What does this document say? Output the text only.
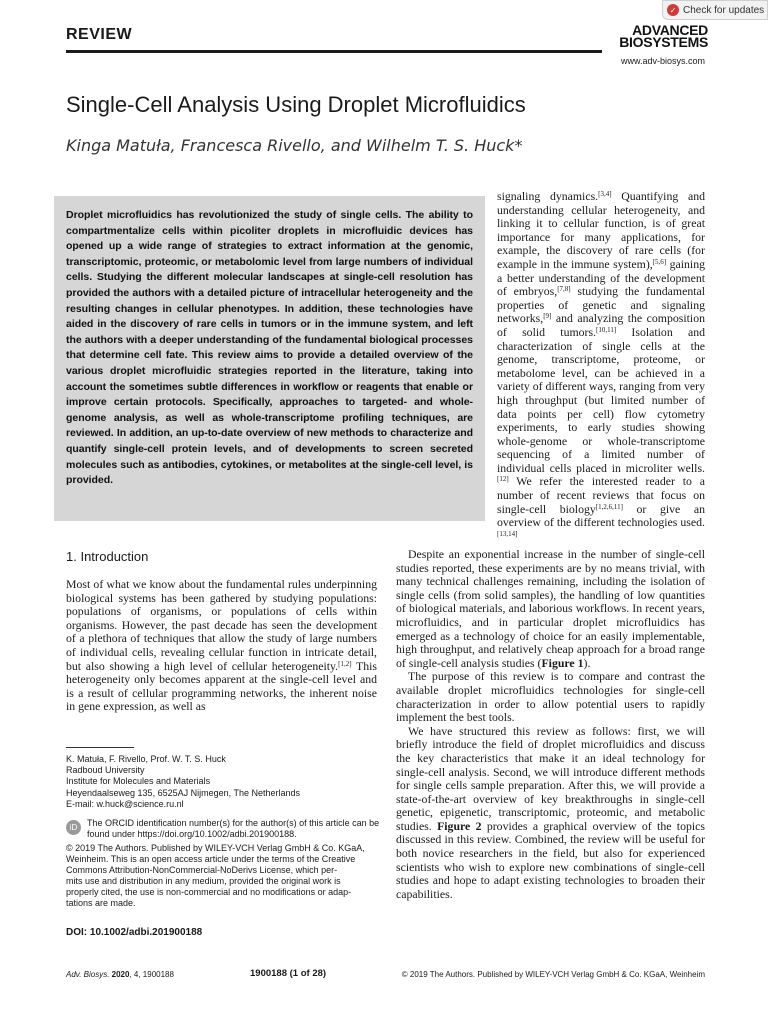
REVIEW
✓ Check for updates
ADVANCED
BIOSYSTEMS
www.adv-biosys.com
Single-Cell Analysis Using Droplet Microfluidics
Kinga Matuła, Francesca Rivello, and Wilhelm T. S. Huck*

Droplet microfluidics has revolutionized the study of single cells. The ability to compartmentalize cells within picoliter droplets in microfluidic devices has opened up a wide range of strategies to extract information at the genomic, transcriptomic, proteomic, or metabolomic level from large numbers of individual cells. Studying the different molecular landscapes at single-cell resolution has provided the authors with a detailed picture of intracellular heterogeneity and the resulting changes in cellular phenotypes. In addition, these technologies have aided in the discovery of rare cells in tumors or in the immune system, and left the authors with a deeper understanding of the fundamental biological processes that determine cell fate. This review aims to provide a detailed overview of the various droplet microfluidic strategies reported in the literature, taking into account the sometimes subtle differences in workflow or reagents that enable or improve certain protocols. Specifically, approaches to targeted- and whole-genome analysis, as well as whole-transcriptome profiling techniques, are reviewed. In addition, an up-to-date overview of new methods to characterize and quantify single-cell protein levels, and of developments to screen secreted molecules such as antibodies, cytokines, or metabolites at the single-cell level, is provided.

signaling dynamics.[3,4] Quantifying and understanding cellular heterogeneity, and linking it to cellular function, is of great importance for many applications, for example, the discovery of rare cells (for example in the immune system),[5,6] gaining a better understanding of the development of embryos,[7,8] studying the fundamental properties of genetic and signaling networks,[9] and analyzing the composition of solid tumors.[10,11] Isolation and characterization of single cells at the genome, transcriptome, proteome, or metabolome level, can be achieved in a variety of different ways, ranging from very high throughput (but limited number of data points per cell) flow cytometry experiments, to early studies showing whole-genome or whole-transcriptome sequencing of a limited number of individual cells placed in microliter wells.[12] We refer the interested reader to a number of recent reviews that focus on single-cell biology[1,2,6,11] or give an overview of the different technologies used.[13,14]

1. Introduction

Most of what we know about the fundamental rules underpinning biological systems has been gathered by studying populations: populations of organisms, or populations of cells within organisms. However, the past decade has seen the development of a plethora of techniques that allow the study of large numbers of individual cells, revealing cellular function in intricate detail, but also showing a high level of cellular heterogeneity.[1,2] This heterogeneity only becomes apparent at the single-cell level and is a result of cellular programming networks, the inherent noise in gene expression, as well as

Despite an exponential increase in the number of single-cell studies reported, these experiments are by no means trivial, with many technical challenges remaining, including the isolation of single cells (from solid samples), the handling of low quantities of biological materials, and laborious workflows. In recent years, microfluidics, and in particular droplet microfluidics has emerged as a technology of choice for an easily implementable, high throughput, and relatively cheap approach for a broad range of single-cell analysis studies (Figure 1).

The purpose of this review is to compare and contrast the available droplet microfluidics technologies for single-cell characterization in order to allow potential users to rapidly implement the best tools.

We have structured this review as follows: first, we will briefly introduce the field of droplet microfluidics and discuss the key characteristics that make it an ideal technology for single-cell analysis. Second, we will introduce different methods for single cells sample preparation. After this, we will provide a state-of-the-art overview of key breakthroughs in single-cell genetic, epigenetic, transcriptomic, proteomic, and metabolic studies. Figure 2 provides a graphical overview of the topics discussed in this review. Combined, the review will be useful for both novice researchers in the field, but also for experienced scientists who wish to explore new combinations of single-cell studies and hope to adapt existing technologies to broaden their capabilities.

K. Matuła, F. Rivello, Prof. W. T. S. Huck
Radboud University
Institute for Molecules and Materials
Heyendaalseweg 135, 6525AJ Nijmegen, The Netherlands
E-mail: w.huck@science.ru.nl
iD	The ORCID identification number(s) for the author(s) of this article can be found under https://doi.org/10.1002/adbi.201900188.
© 2019 The Authors. Published by WILEY-VCH Verlag GmbH & Co. KGaA,
Weinheim. This is an open access article under the terms of the Creative
Commons Attribution-NonCommercial-NoDerivs License, which per-
mits use and distribution in any medium, provided the original work is
properly cited, the use is non-commercial and no modifications or adap-
tations are made.
DOI: 10.1002/adbi.201900188
Adv. Biosys. 2020, 4, 1900188	1900188 (1 of 28)	© 2019 The Authors. Published by WILEY-VCH Verlag GmbH & Co. KGaA, Weinheim
